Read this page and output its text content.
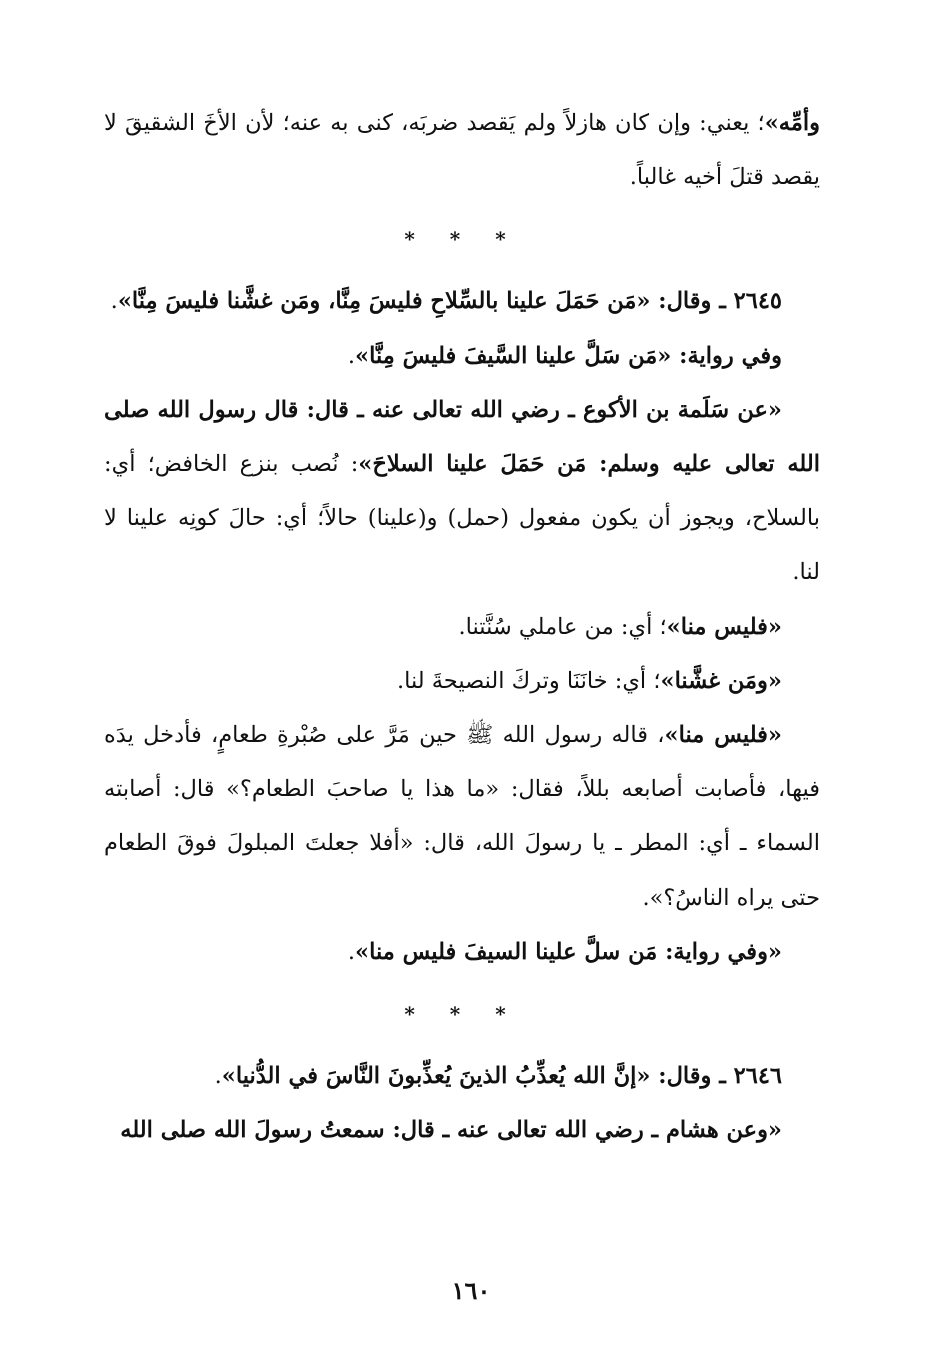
وأمِّه»؛ يعني: وإن كان هازلاً ولم يَقصد ضربَه، كنى به عنه؛ لأن الأخَ الشقيقَ لا يقصد قتلَ أخيه غالباً.

* * *

٢٦٤٥ ـ وقال: «مَن حَمَلَ علينا بالسِّلاحِ فليسَ مِنَّا، ومَن غشَّنا فليسَ مِنَّا».

وفي رواية: «مَن سَلَّ علينا السَّيفَ فليسَ مِنَّا».

«عن سَلَمة بن الأكوع ـ رضي الله تعالى عنه ـ قال: قال رسول الله صلى الله تعالى عليه وسلم: مَن حَمَلَ علينا السلاحَ»: نُصب بنزع الخافض؛ أي: بالسلاح، ويجوز أن يكون مفعول (حمل) و(علينا) حالاً؛ أي: حالَ كونِه علينا لا لنا.

«فليس منا»؛ أي: من عاملي سُنَّتنا.

«ومَن غشَّنا»؛ أي: خانَنَا وتركَ النصيحةَ لنا.

«فليس منا»، قاله رسول الله ﷺ حين مَرَّ على صُبْرةِ طعامٍ، فأدخل يدَه فيها، فأصابت أصابعه بللاً، فقال: «ما هذا يا صاحبَ الطعام؟» قال: أصابته السماء ـ أي: المطر ـ يا رسولَ الله، قال: «أفلا جعلتَ المبلولَ فوقَ الطعام حتى يراه الناسُ؟».

«وفي رواية: مَن سلَّ علينا السيفَ فليس منا».

* * *

٢٦٤٦ ـ وقال: «إنَّ الله يُعذِّبُ الذينَ يُعذِّبونَ النَّاسَ في الدُّنيا».

«وعن هشام ـ رضي الله تعالى عنه ـ قال: سمعتُ رسولَ الله صلى الله

١٦٠
